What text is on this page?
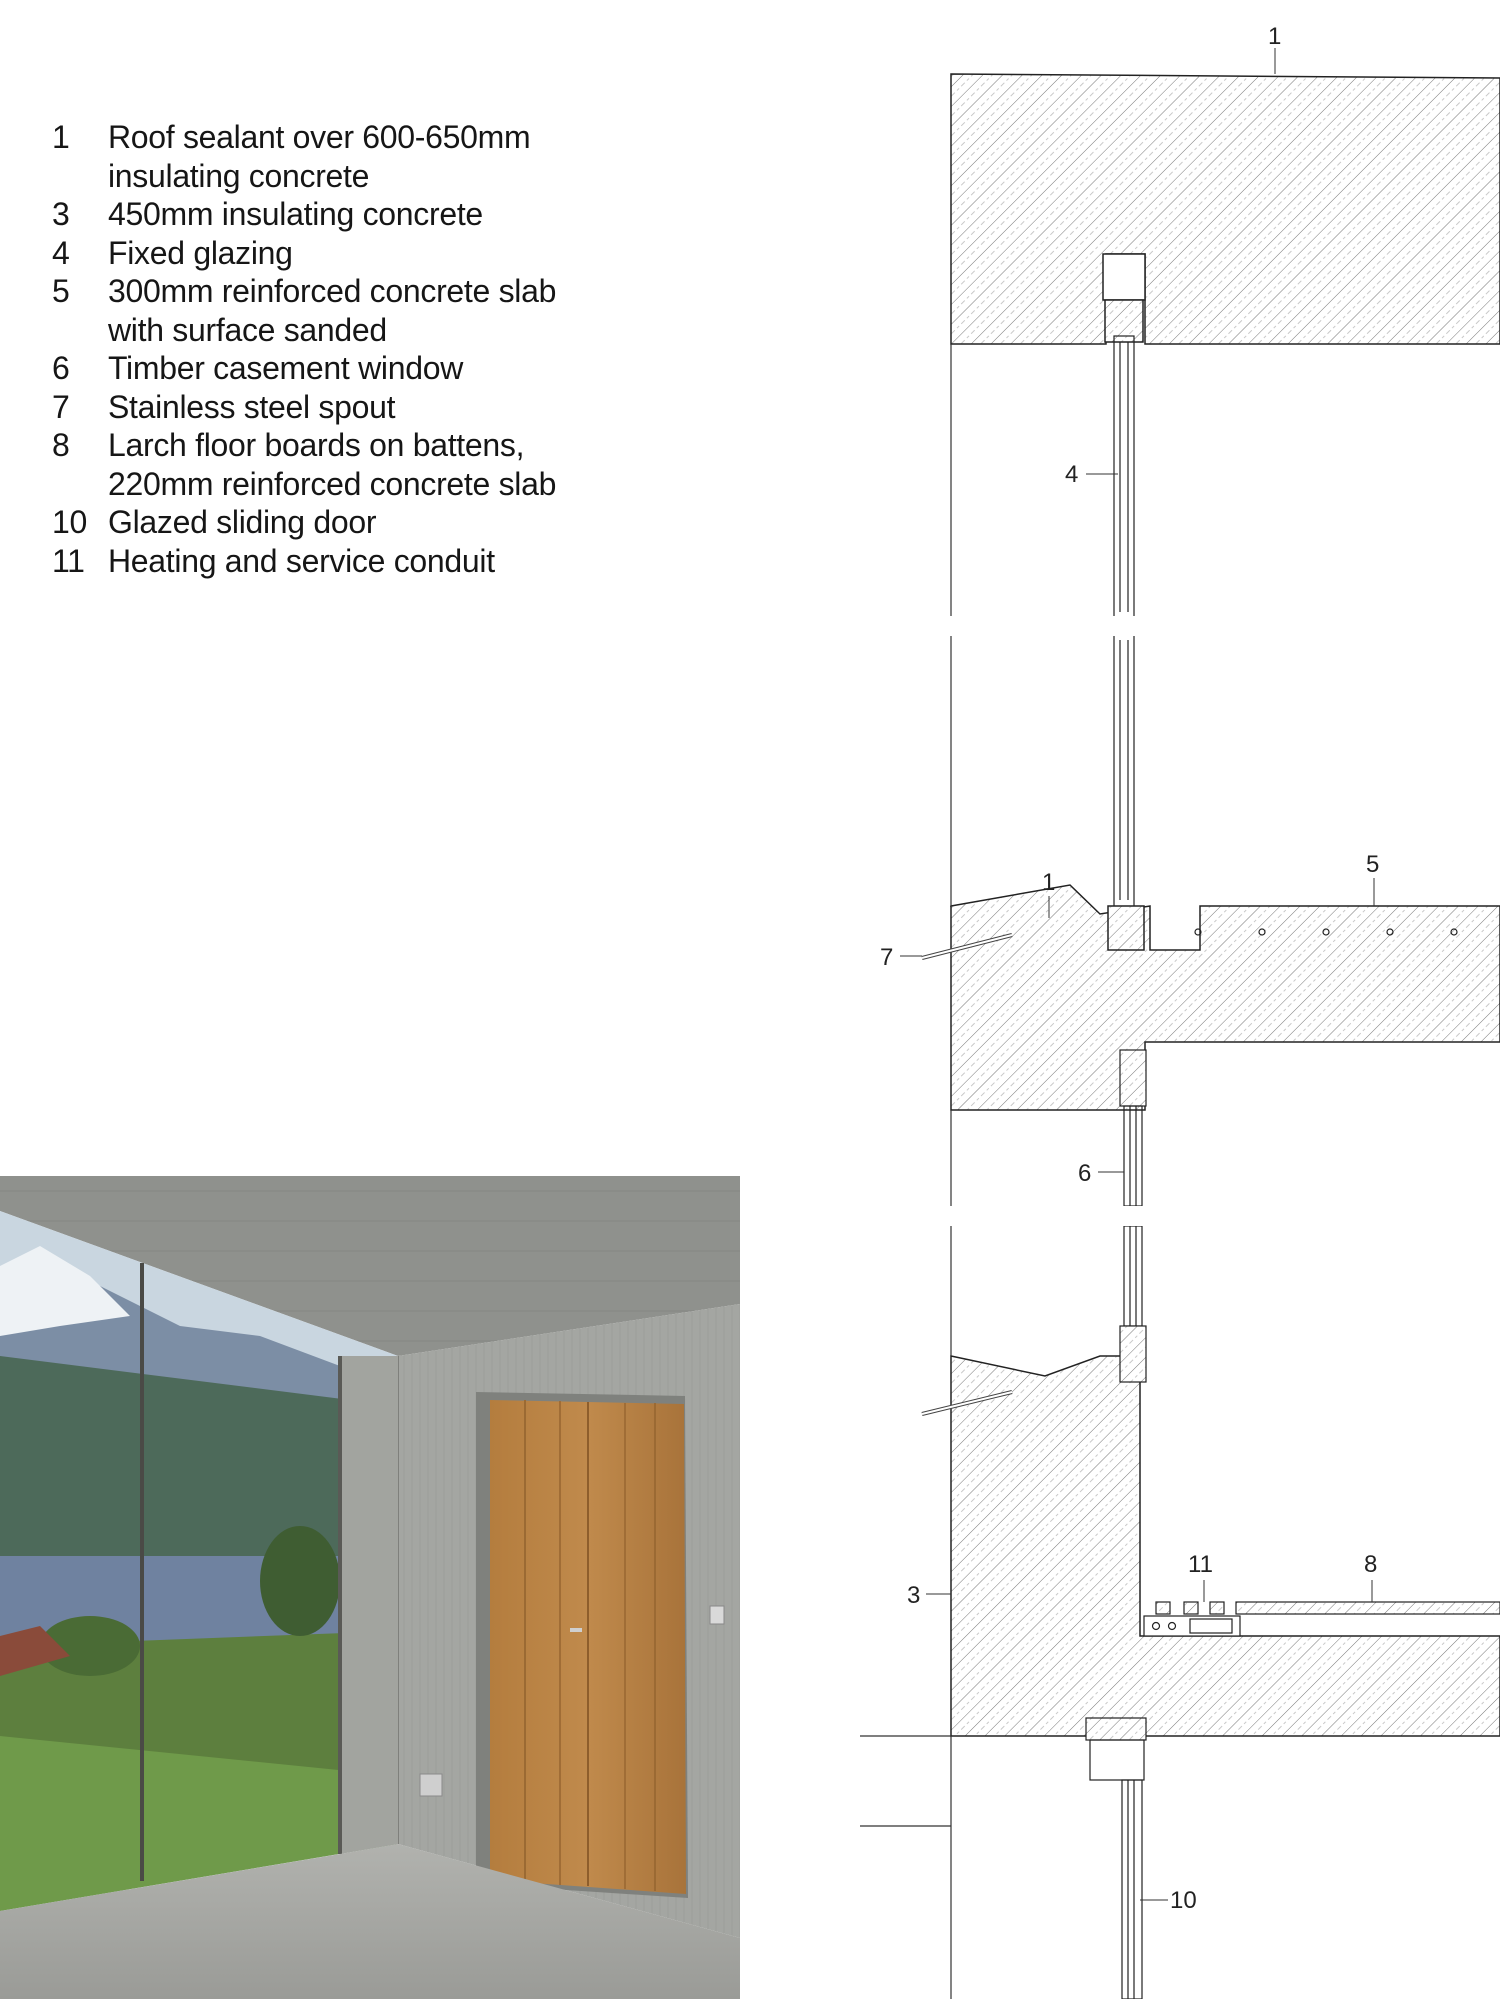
1	Roof sealant over 600-650mm
insulating concrete
3	450mm insulating concrete
4	Fixed glazing
5	300mm reinforced concrete slab
with surface sanded
6	Timber casement window
7	Stainless steel spout
8	Larch floor boards on battens,
220mm reinforced concrete slab
10 Glazed sliding door
11 Heating and service conduit
1
4
1
5
7
6
3
11	8
10
